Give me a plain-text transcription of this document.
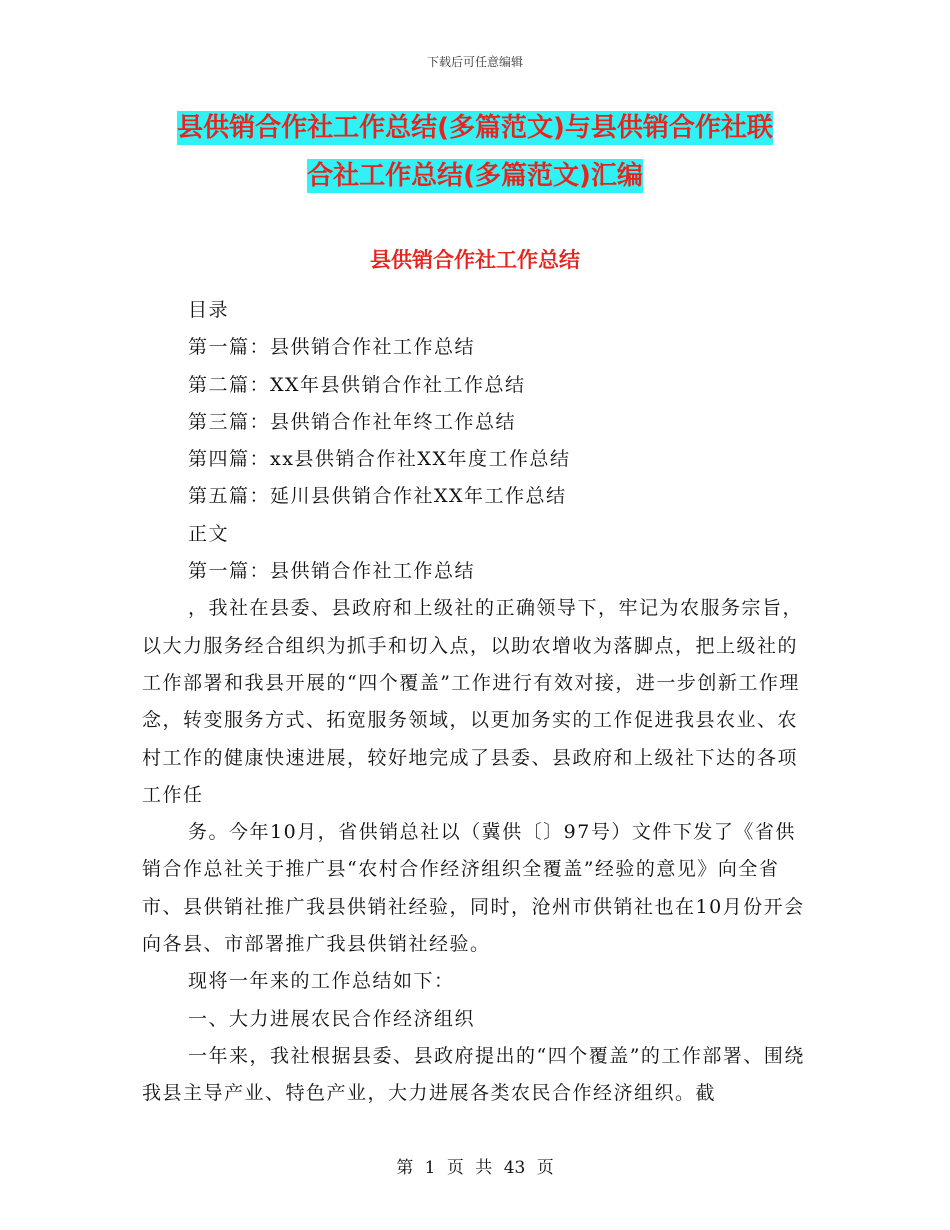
下载后可任意编辑
县供销合作社工作总结(多篇范文)与县供销合作社联
合社工作总结(多篇范文)汇编
县供销合作社工作总结

目录

第一篇：县供销合作社工作总结

第二篇：XX年县供销合作社工作总结

第三篇：县供销合作社年终工作总结

第四篇：xx县供销合作社XX年度工作总结

第五篇：延川县供销合作社XX年工作总结

正文

第一篇：县供销合作社工作总结

，我社在县委、县政府和上级社的正确领导下，牢记为农服务宗旨，以大力服务经合组织为抓手和切入点，以助农增收为落脚点，把上级社的工作部署和我县开展的“四个覆盖”工作进行有效对接，进一步创新工作理念，转变服务方式、拓宽服务领域，以更加务实的工作促进我县农业、农村工作的健康快速进展，较好地完成了县委、县政府和上级社下达的各项工作任

务。今年10月，省供销总社以（冀供〔〕97号）文件下发了《省供销合作总社关于推广县“农村合作经济组织全覆盖”经验的意见》向全省市、县供销社推广我县供销社经验，同时，沧州市供销社也在10月份开会向各县、市部署推广我县供销社经验。

现将一年来的工作总结如下：

一、大力进展农民合作经济组织

一年来，我社根据县委、县政府提出的“四个覆盖”的工作部署、围绕我县主导产业、特色产业，大力进展各类农民合作经济组织。截

第 1 页 共 43 页
